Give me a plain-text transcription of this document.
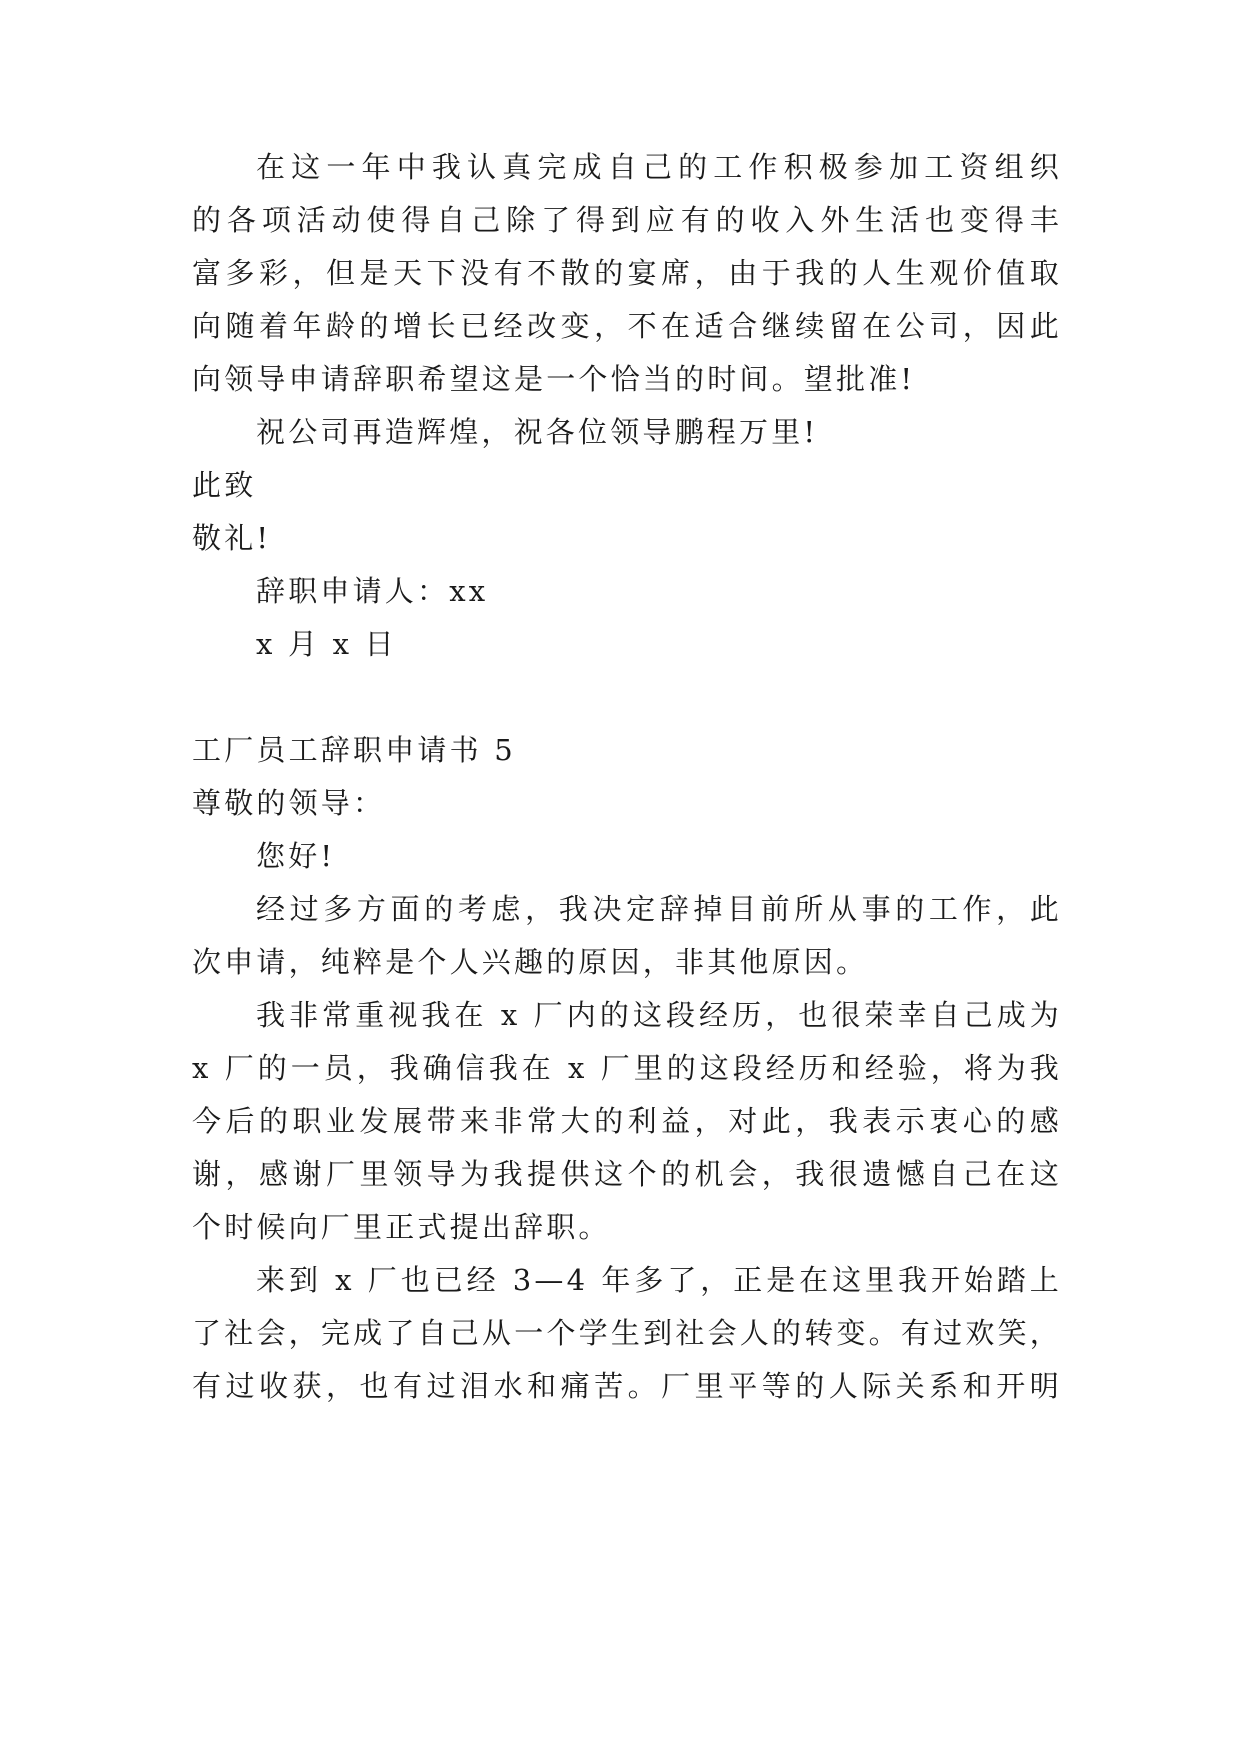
在这一年中我认真完成自己的工作积极参加工资组织
的各项活动使得自己除了得到应有的收入外生活也变得丰
富多彩，但是天下没有不散的宴席，由于我的人生观价值取
向随着年龄的增长已经改变，不在适合继续留在公司，因此
向领导申请辞职希望这是一个恰当的时间。望批准!
祝公司再造辉煌，祝各位领导鹏程万里!
此致
敬礼!
辞职申请人：xx
x 月 x 日
工厂员工辞职申请书 5
尊敬的领导：
您好!
经过多方面的考虑，我决定辞掉目前所从事的工作，此
次申请，纯粹是个人兴趣的原因，非其他原因。
我非常重视我在 x 厂内的这段经历，也很荣幸自己成为
x 厂的一员，我确信我在 x 厂里的这段经历和经验，将为我
今后的职业发展带来非常大的利益，对此，我表示衷心的感
谢，感谢厂里领导为我提供这个的机会，我很遗憾自己在这
个时候向厂里正式提出辞职。
来到 x 厂也已经 3—4 年多了，正是在这里我开始踏上
了社会，完成了自己从一个学生到社会人的转变。有过欢笑，
有过收获，也有过泪水和痛苦。厂里平等的人际关系和开明
